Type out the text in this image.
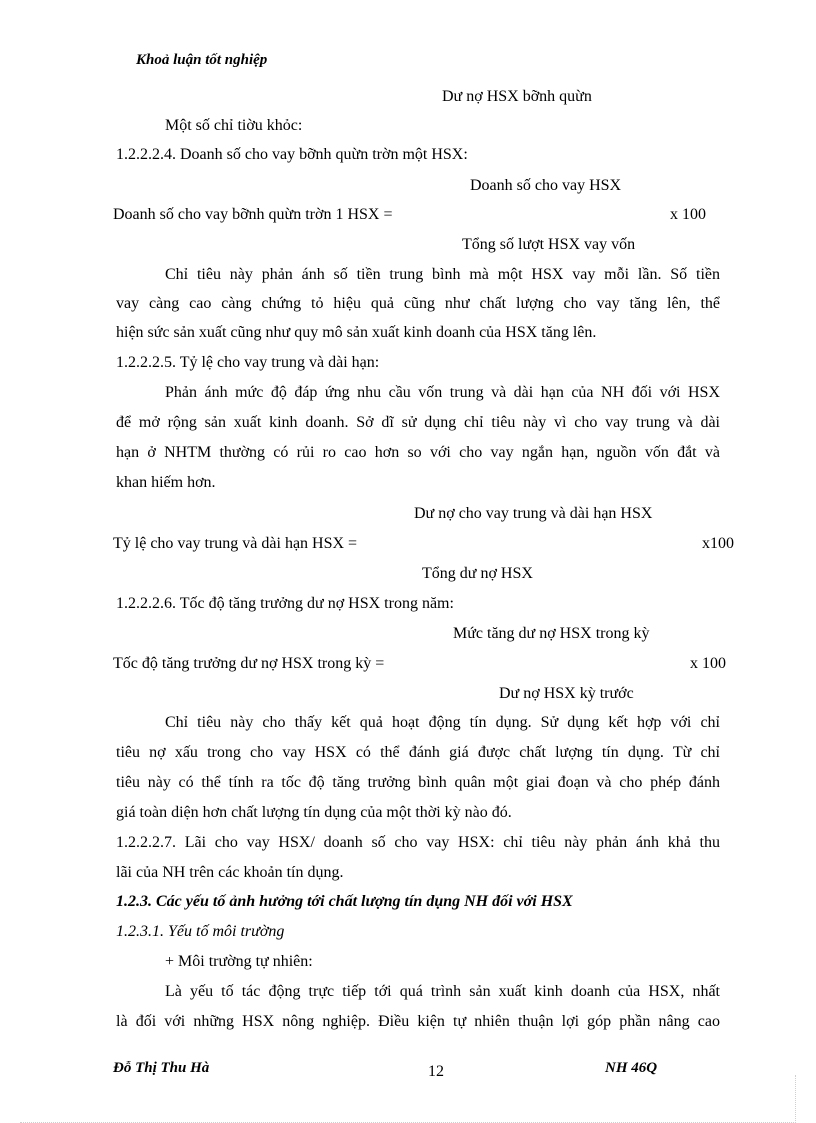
Khoả luận tốt nghiệp
Dư nợ HSX bỡnh quừn
Một số chỉ tiờu khỏc:
1.2.2.2.4. Doanh số cho vay bỡnh quừn trờn một HSX:
Doanh số cho vay HSX
Doanh số cho vay bỡnh quừn trờn 1 HSX =	x 100
Tổng số lượt HSX vay vốn
Chỉ tiêu này phản ánh số tiền trung bình mà một HSX vay mỗi lần. Số tiền
vay càng cao càng chứng tỏ hiệu quả cũng như chất lượng cho vay tăng lên, thể
hiện sức sản xuất cũng như quy mô sản xuất kinh doanh của HSX tăng lên.
1.2.2.2.5. Tỷ lệ cho vay trung và dài hạn:
Phản ánh mức độ đáp ứng nhu cầu vốn trung và dài hạn của NH đối với HSX
để mở rộng sản xuất kinh doanh. Sở dĩ sử dụng chỉ tiêu này vì cho vay trung và dài
hạn ở NHTM thường có rủi ro cao hơn so với cho vay ngắn hạn, nguồn vốn đắt và
khan hiếm hơn.
Dư nợ cho vay trung và dài hạn HSX
Tỷ lệ cho vay trung và dài hạn HSX =	x100
Tổng dư nợ HSX
1.2.2.2.6. Tốc độ tăng trưởng dư nợ HSX trong năm:
Mức tăng dư nợ HSX trong kỳ
Tốc độ tăng trưởng dư nợ HSX trong kỳ =	x 100
Dư nợ HSX kỳ trước
Chỉ tiêu này cho thấy kết quả hoạt động tín dụng. Sử dụng kết hợp với chỉ
tiêu nợ xấu trong cho vay HSX có thể đánh giá được chất lượng tín dụng. Từ chỉ
tiêu này có thể tính ra tốc độ tăng trưởng bình quân một giai đoạn và cho phép đánh
giá toàn diện hơn chất lượng tín dụng của một thời kỳ nào đó.
1.2.2.2.7. Lãi cho vay HSX/ doanh số cho vay HSX: chỉ tiêu này phản ánh khả thu
lãi của NH trên các khoản tín dụng.
1.2.3. Các yếu tố ảnh hưởng tới chất lượng tín dụng NH đối với HSX
1.2.3.1. Yếu tố môi trường
+ Môi trường tự nhiên:
Là yếu tố tác động trực tiếp tới quá trình sản xuất kinh doanh của HSX, nhất
là đối với những HSX nông nghiệp. Điều kiện tự nhiên thuận lợi góp phần nâng cao
Đỗ Thị Thu Hà	12	NH 46Q
